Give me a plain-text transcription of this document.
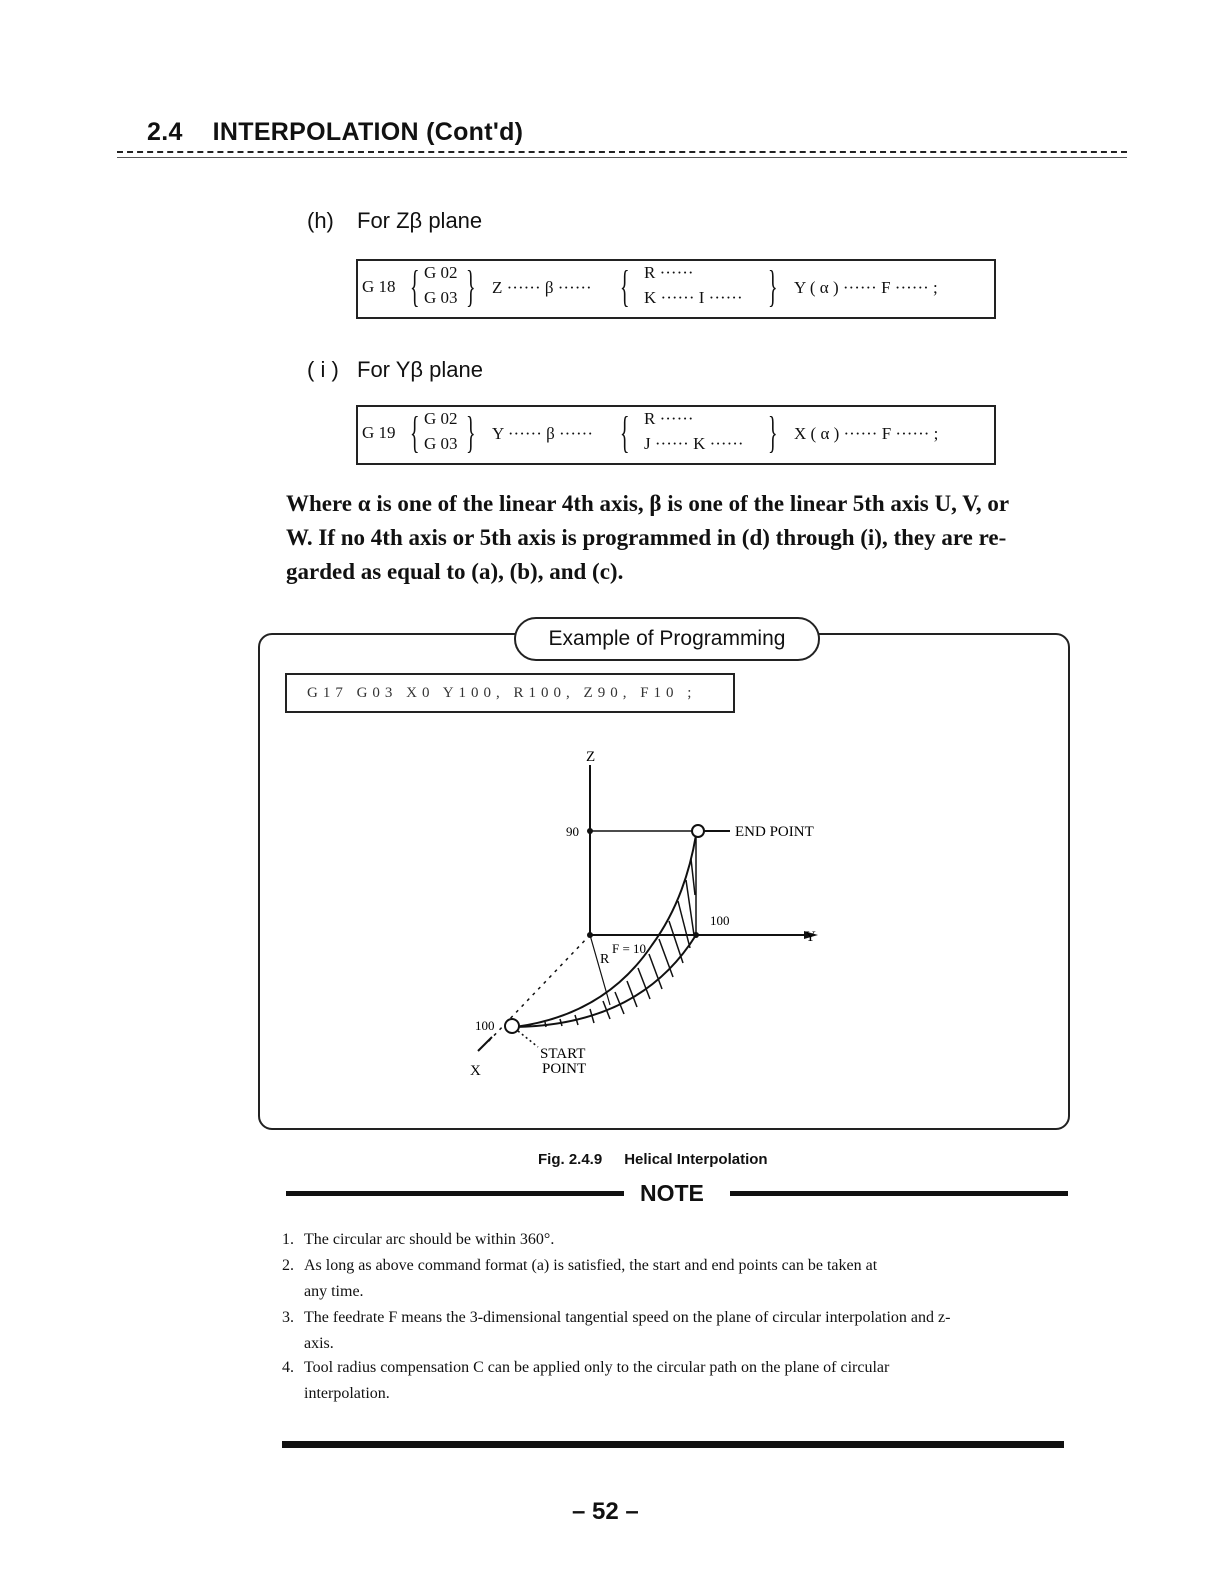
2.4 INTERPOLATION (Cont'd)
(h) For Zβ plane
G 18 { G 02
G 03 } Z ······ β ······ { R ······
K ······ I ······ } Y ( α ) ······ F ······ ;
( i ) For Yβ plane
G 19 { G 02
G 03 } Y ······ β ······ { R ······
J ······ K ······ } X ( α ) ······ F ······ ;
Where α is one of the linear 4th axis, β is one of the linear 5th axis U, V, or
W. If no 4th axis or 5th axis is programmed in (d) through (i), they are re-
garded as equal to (a), (b), and (c).
Example of Programming
G17 G03 X0 Y100, R100, Z90, F10 ;
Z
Y
X
90
100
100
END POINT
START
POINT
R
F = 10
Fig. 2.4.9 Helical Interpolation
NOTE
1. The circular arc should be within 360°.
2. As long as above command format (a) is satisfied, the start and end points can be taken at
any time.
3. The feedrate F means the 3-dimensional tangential speed on the plane of circular interpolation and z-
axis.
4. Tool radius compensation C can be applied only to the circular path on the plane of circular
interpolation.
– 52 –
